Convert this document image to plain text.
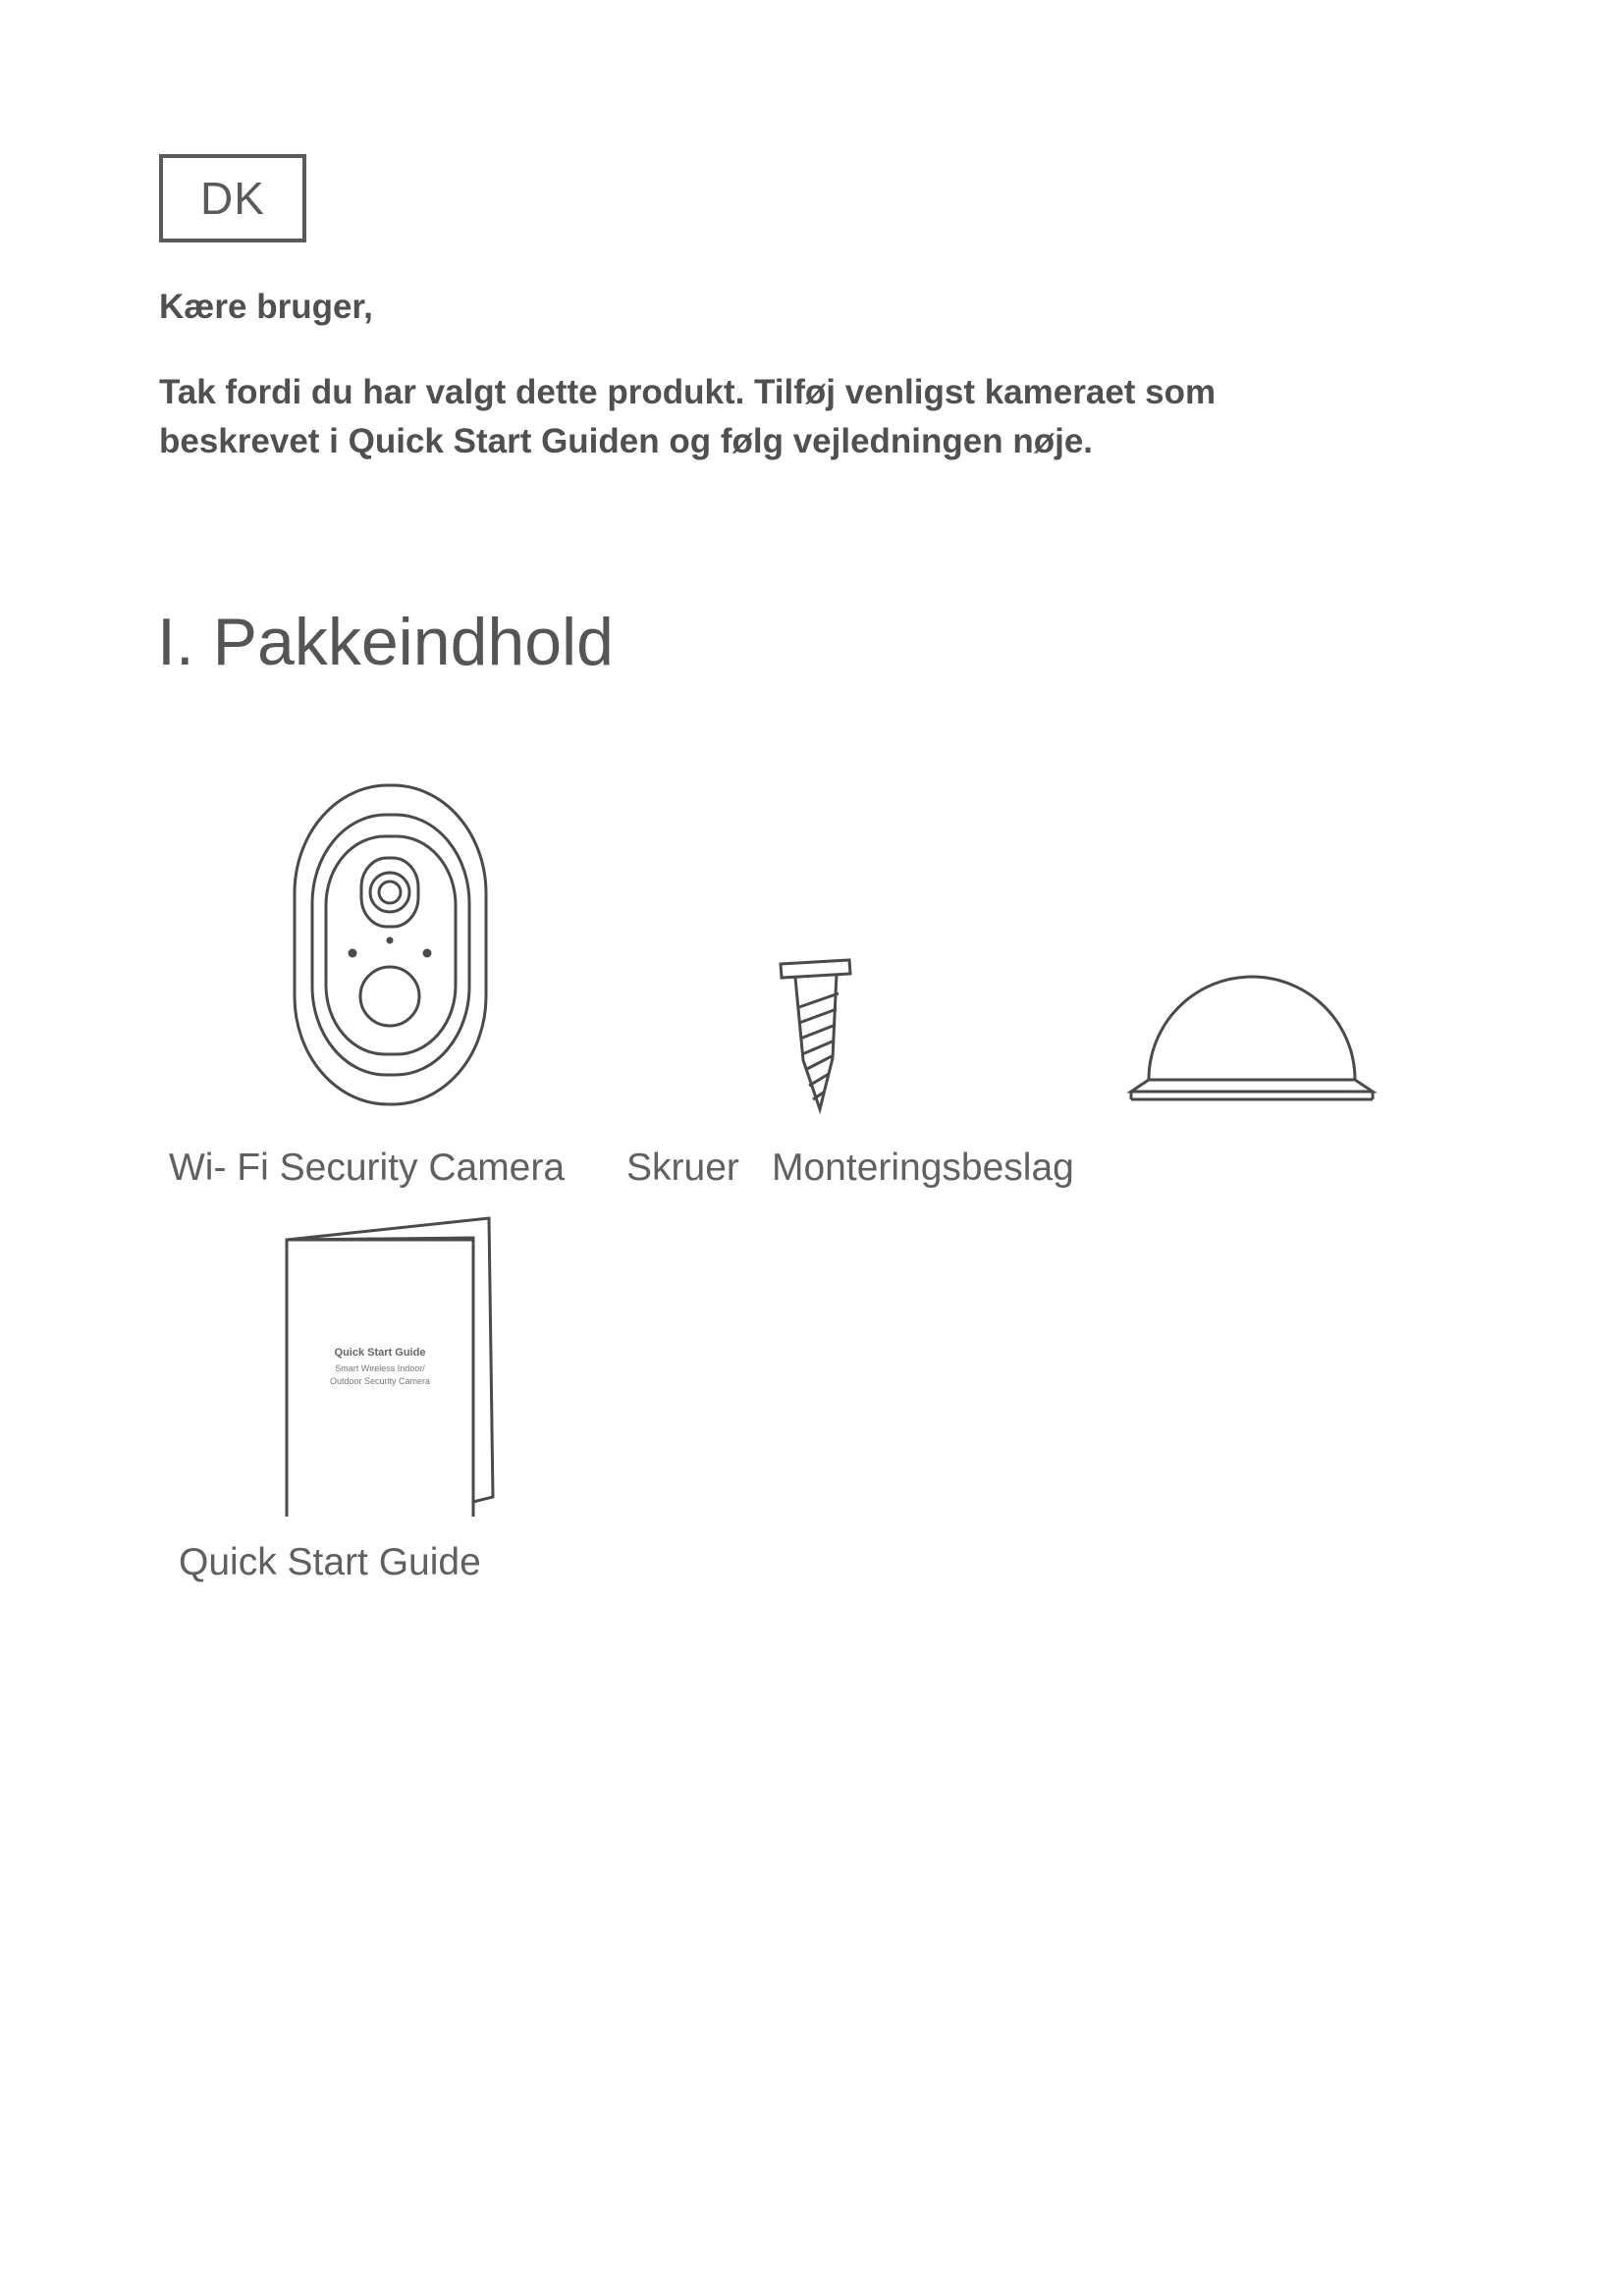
DK
Kære bruger,
Tak fordi du har valgt dette produkt. Tilføj venligst kameraet som
beskrevet i Quick Start Guiden og følg vejledningen nøje.
I. Pakkeindhold
Quick Start Guide
Smart Wireless Indoor/
Outdoor Security Camera
Wi- Fi Security Camera Skruer Monteringsbeslag
Quick Start Guide
